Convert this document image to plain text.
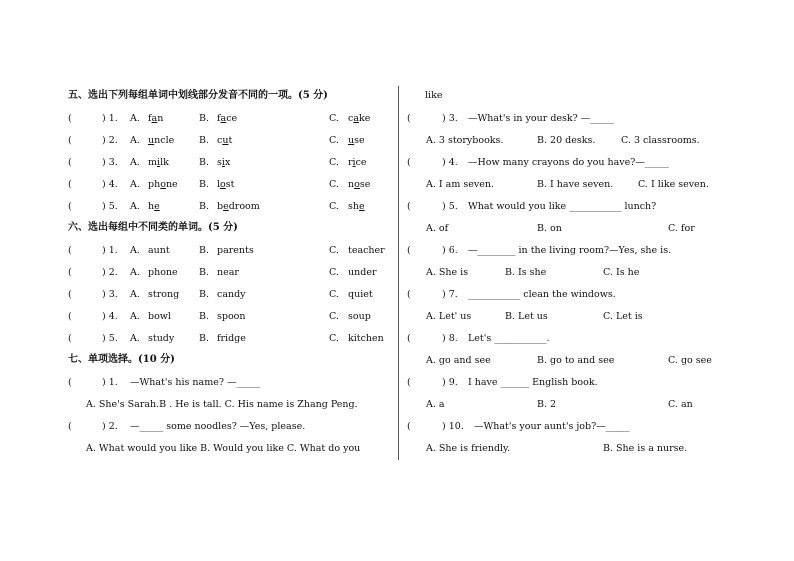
五、选出下列每组单词中划线部分发音不同的一项。(5 分)
(	) 1. A. fan	B. face	C. cake
(	) 2. A. uncle	B. cut	C. use
(	) 3. A. milk	B. six	C. rice
(	) 4. A. phone B. lost	C. nose
(	) 5. A. he	B. bedroom	C. she
六、选出每组中不同类的单词。(5 分)
(	) 1. A. aunt	B. parents	C. teacher
(	) 2. A. phone B. near	C. under
(	) 3. A. strong B. candy	C. quiet
(	) 4. A. bowl	B. spoon	C. soup
(	) 5. A. study	B. fridge	C. kitchen
七、单项选择。(10 分)
(	) 1. —What's his name? —_____
A. She's Sarah.B . He is tall. C. His name is Zhang Peng.
(	) 2. —_____ some noodles? —Yes, please.
A. What would you like B. Would you like C. What do you
like
(	) 3. —What's in your desk? —_____
A. 3 storybooks.	B. 20 desks.	C. 3 classrooms.
(	) 4. —How many crayons do you have?—_____
A. I am seven.	B. I have seven.	C. I like seven.
(	) 5. What would you like ___________ lunch?
A. of	B. on	C. for
(	) 6. —________ in the living room?—Yes, she is.
A. She is	B. Is she	C. Is he
(	) 7. ___________ clean the windows.
A. Let' us	B. Let us	C. Let is
(	) 8. Let's ___________.
A. go and see	B. go to and see	C. go see
(	) 9. I have ______ English book.
A. a	B. 2	C. an
(	) 10. —What's your aunt's job?—_____
A. She is friendly.	B. She is a nurse.
